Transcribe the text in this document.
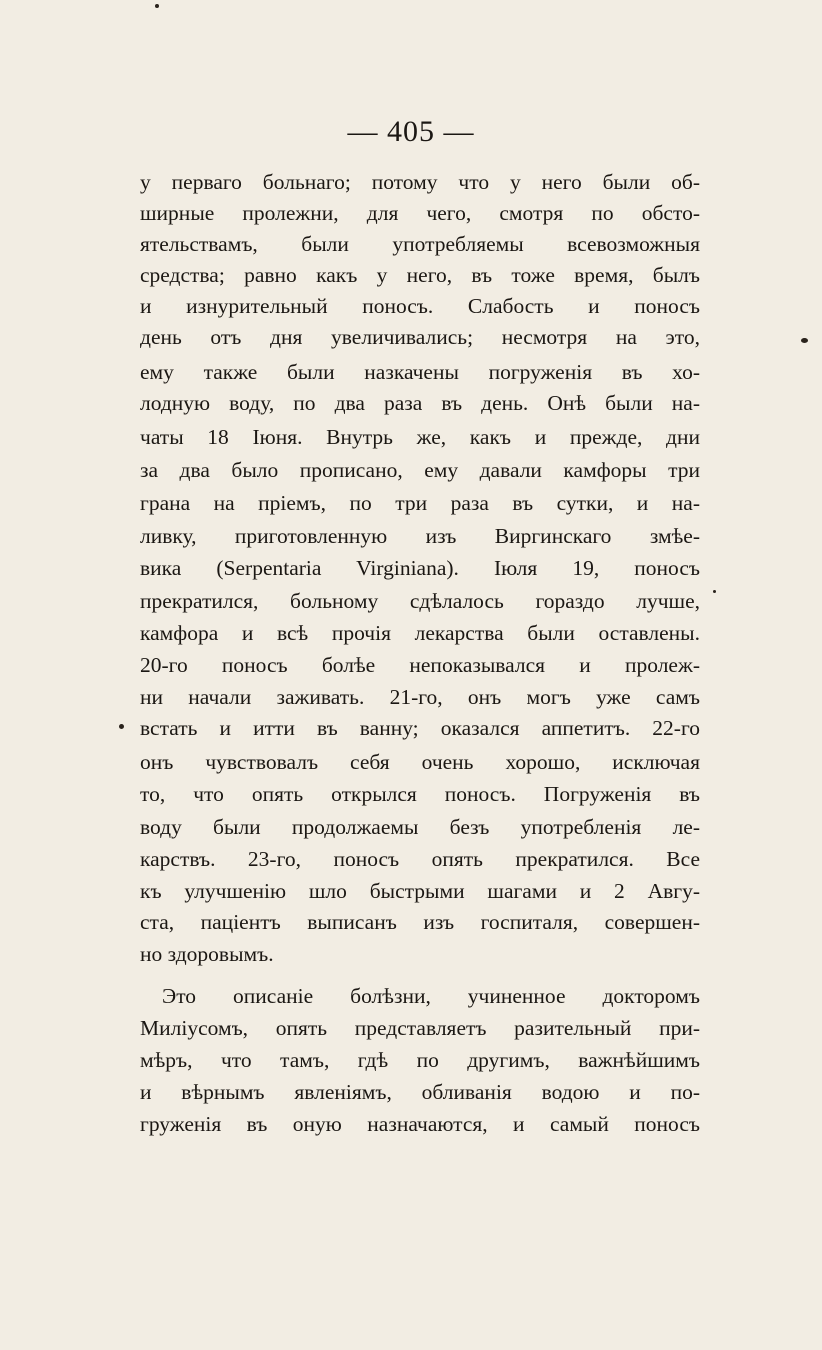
— 405 —
у перваго больнаго; потому что у него были об-
ширные пролежни, для чего, смотря по обсто-
ятельствамъ, были употребляемы всевозможныя
средства; равно какъ у него, въ тоже время, былъ
и изнурительный поносъ. Слабость и поносъ
день отъ дня увеличивались; несмотря на это,
ему также были назкачены погруженія въ хо-
лодную воду, по два раза въ день. Онѣ были на-
чаты 18 Іюня. Внутрь же, какъ и прежде, дни
за два было прописано, ему давали камфоры три
грана на пріемъ, по три раза въ сутки, и на-
ливку, приготовленную изъ Виргинскаго змѣе-
вика (Serpentaria Virginiana). Іюля 19, поносъ
прекратился, больному сдѣлалось гораздо лучше,
камфора и всѣ прочія лекарства были оставлены.
20-го поносъ болѣе непоказывался и пролеж-
ни начали заживать. 21-го, онъ могъ уже самъ
встать и итти въ ванну; оказался аппетитъ. 22-го
онъ чувствовалъ себя очень хорошо, исключая
то, что опять открылся поносъ. Погруженія въ
воду были продолжаемы безъ употребленія ле-
карствъ. 23-го, поносъ опять прекратился. Все
къ улучшенію шло быстрыми шагами и 2 Авгу-
ста, паціентъ выписанъ изъ госпиталя, совершен-
но здоровымъ.
Это описаніе болѣзни, учиненное докторомъ
Миліусомъ, опять представляетъ разительный при-
мѣръ, что тамъ, гдѣ по другимъ, важнѣйшимъ
и вѣрнымъ явленіямъ, обливанія водою и по-
груженія въ оную назначаются, и самый поносъ
